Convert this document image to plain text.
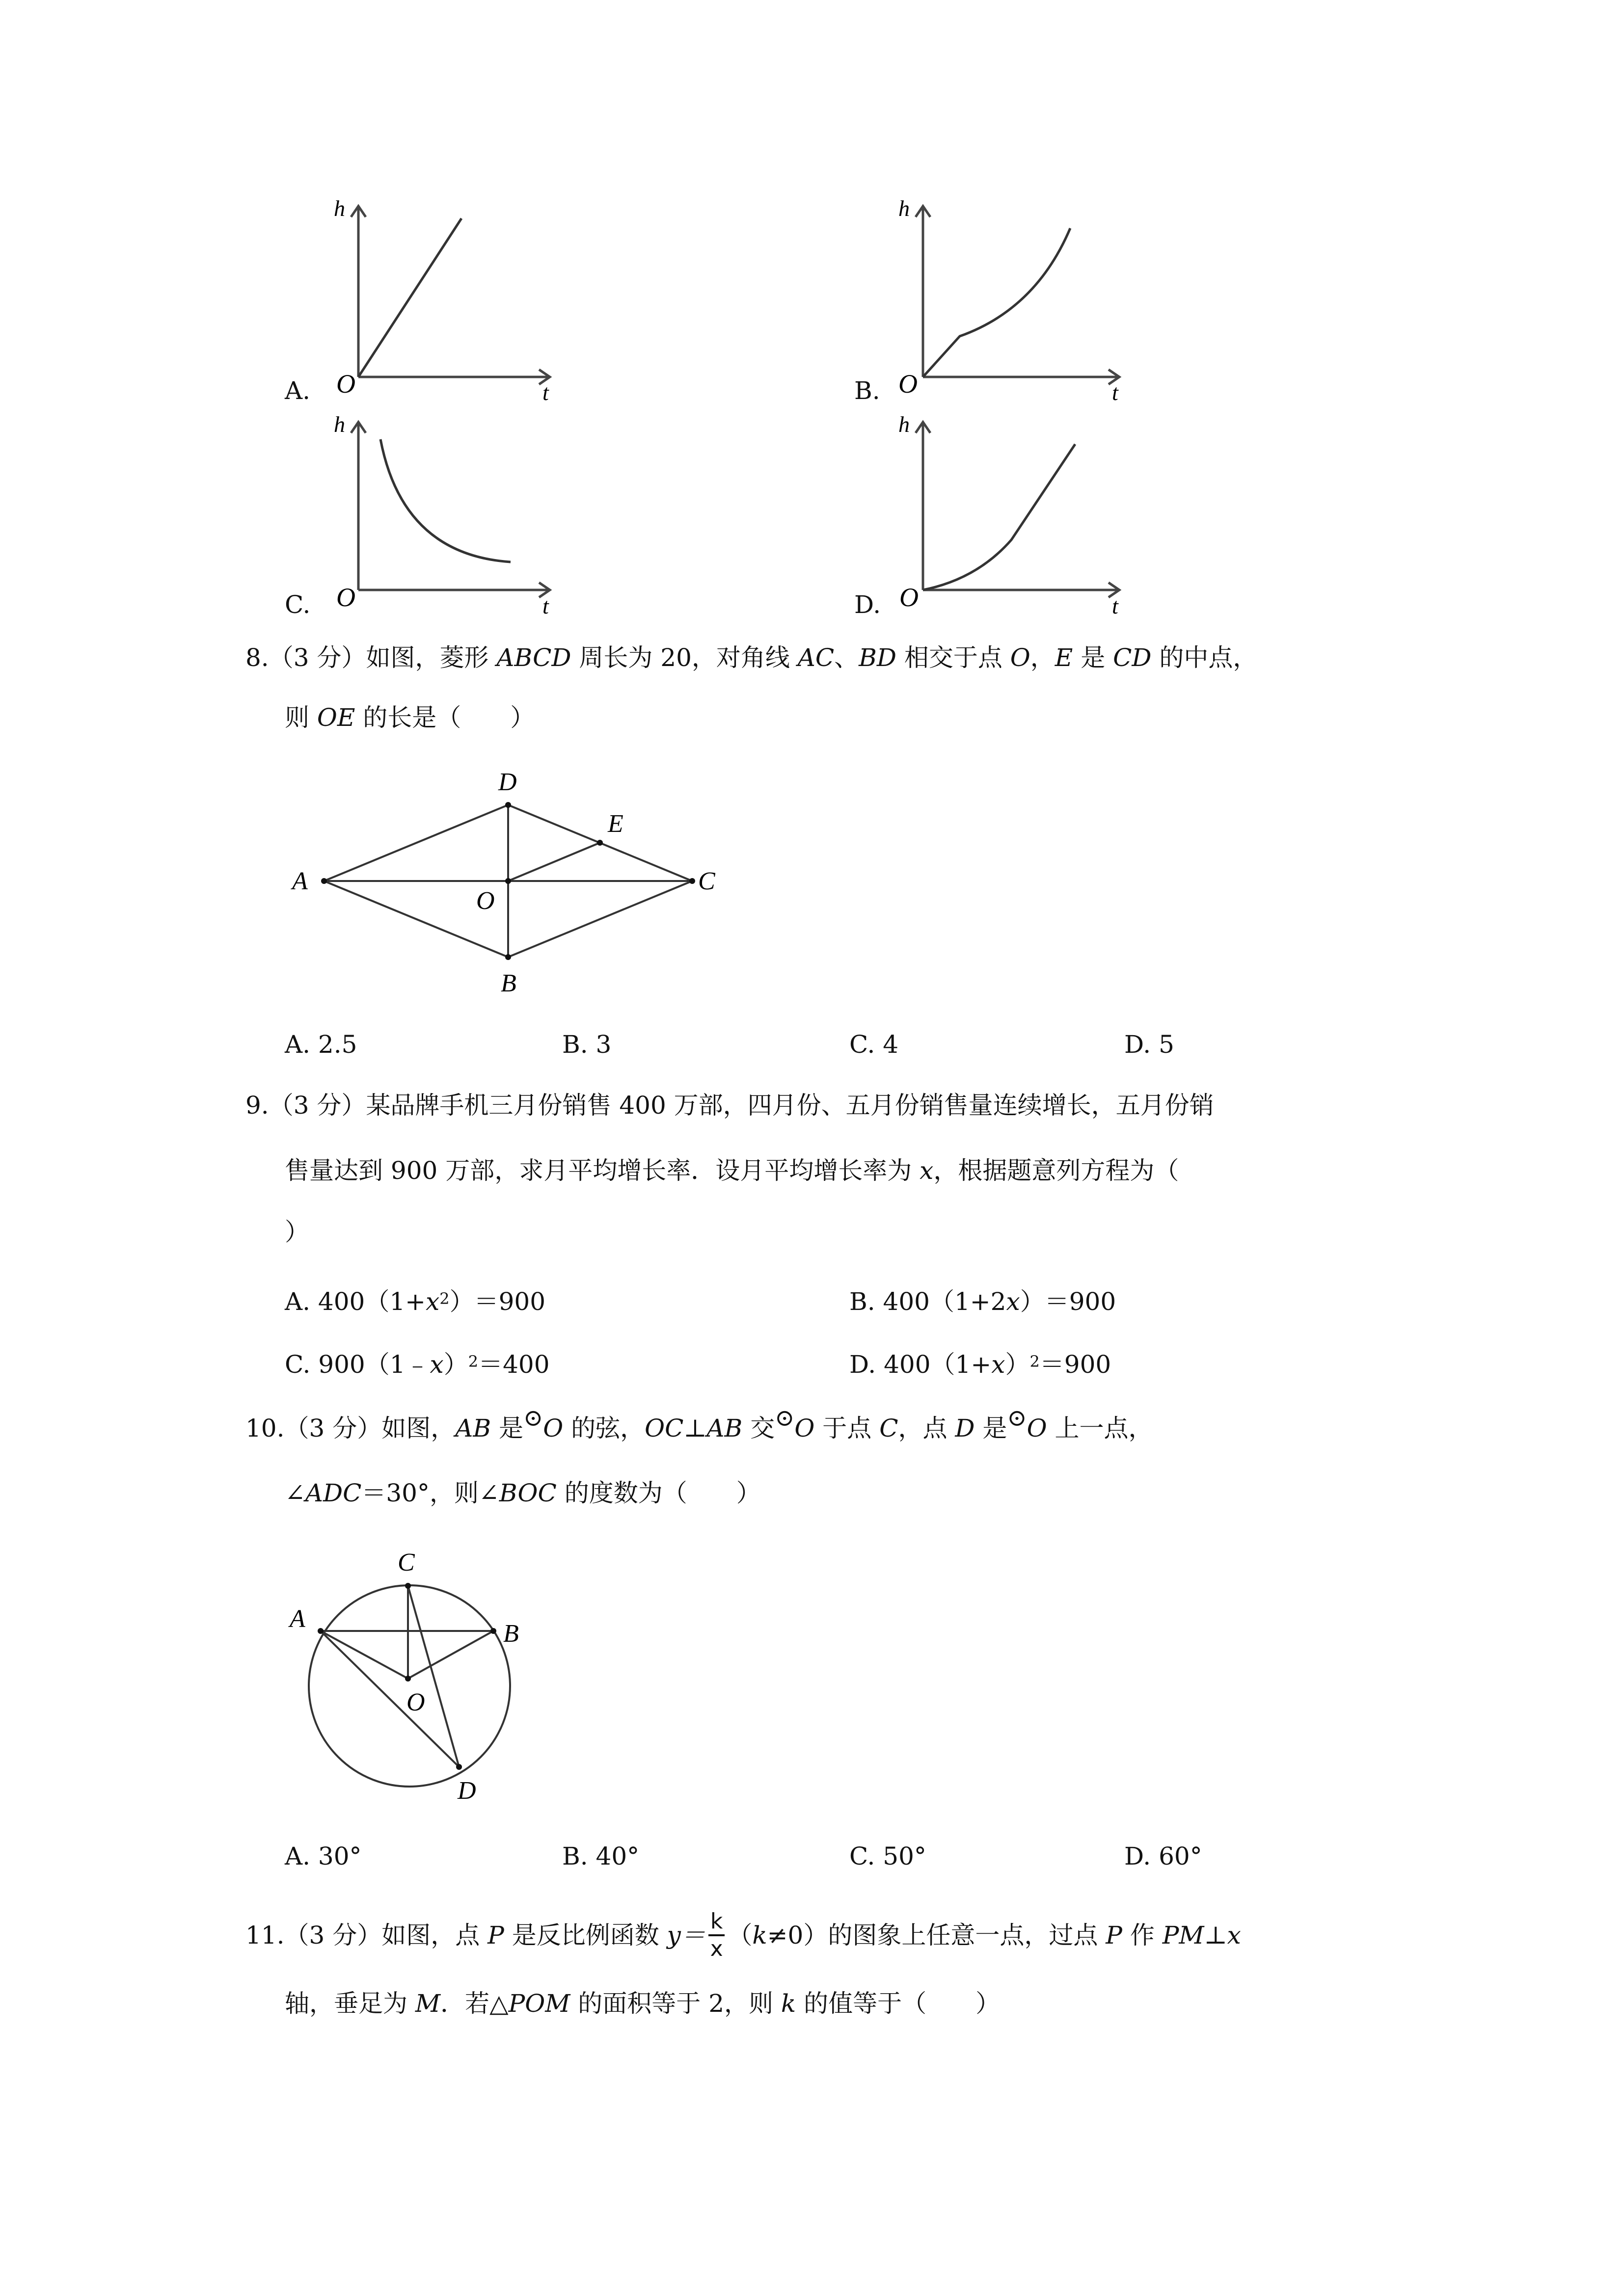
A.
h
t
O	B.
h
t
O
C.
h
t
O	D.
h
t
O
8.（3 分）如图，菱形 ABCD 周长为 20，对角线 AC、BD 相交于点 O，E 是 CD 的中点，
则 OE 的长是（　　）
A
B
C
D
E
O
A. 2.5	B. 3	C. 4	D. 5
9.（3 分）某品牌手机三月份销售 400 万部，四月份、五月份销售量连续增长，五月份销
售量达到 900 万部，求月平均增长率．设月平均增长率为 x，根据题意列方程为（
）
A. $400(1+x^2)=900$	B. 400（1+2x）＝900
C. 900（1﹣x）$^2$＝400	D. $400(1+x)^2=900$
10.（3 分）如图，AB 是⊙O 的弦，OC⊥AB 交⊙O 于点 C，点 D 是⊙O 上一点，
∠ADC＝30°，则∠BOC 的度数为（　　）
A
B
C
D
O
A. 30°	B. 40°	C. 50°	D. 60°
11.（3 分）如图，点 P 是反比例函数 $y= \frac{k}{x} (k\ne 0)$的图象上任意一点，过点 P 作 PM⊥x
轴，垂足为 M．若△POM 的面积等于 2，则 k 的值等于（　　）
